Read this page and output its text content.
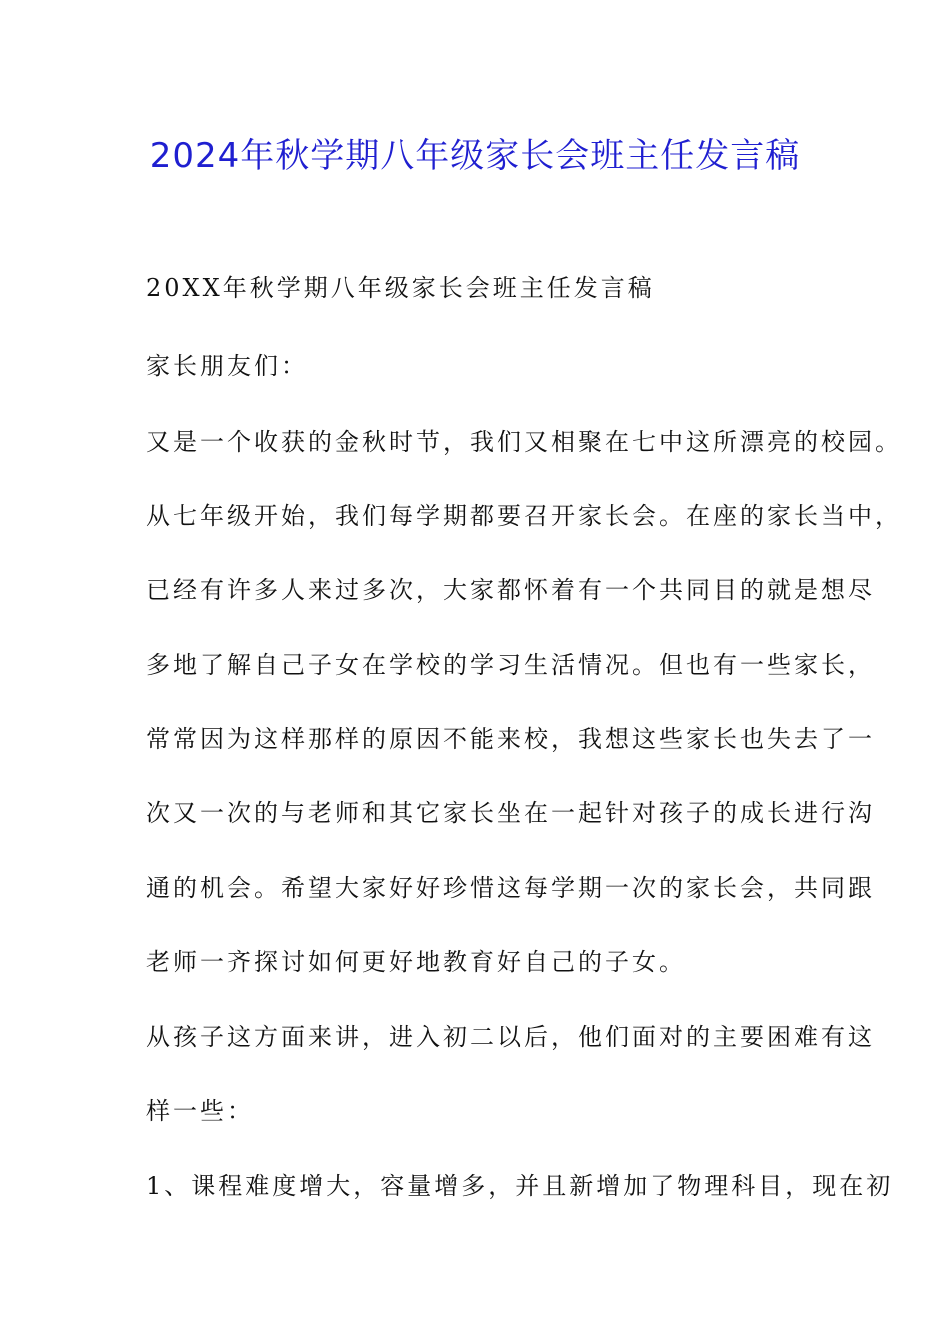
2024年秋学期八年级家长会班主任发言稿
20XX年秋学期八年级家长会班主任发言稿
家长朋友们：
又是一个收获的金秋时节，我们又相聚在七中这所漂亮的校园。
从七年级开始，我们每学期都要召开家长会。在座的家长当中，
已经有许多人来过多次，大家都怀着有一个共同目的就是想尽
多地了解自己子女在学校的学习生活情况。但也有一些家长，
常常因为这样那样的原因不能来校，我想这些家长也失去了一
次又一次的与老师和其它家长坐在一起针对孩子的成长进行沟
通的机会。希望大家好好珍惜这每学期一次的家长会，共同跟
老师一齐探讨如何更好地教育好自己的子女。
从孩子这方面来讲，进入初二以后，他们面对的主要困难有这
样一些：
1、课程难度增大，容量增多，并且新增加了物理科目，现在初
